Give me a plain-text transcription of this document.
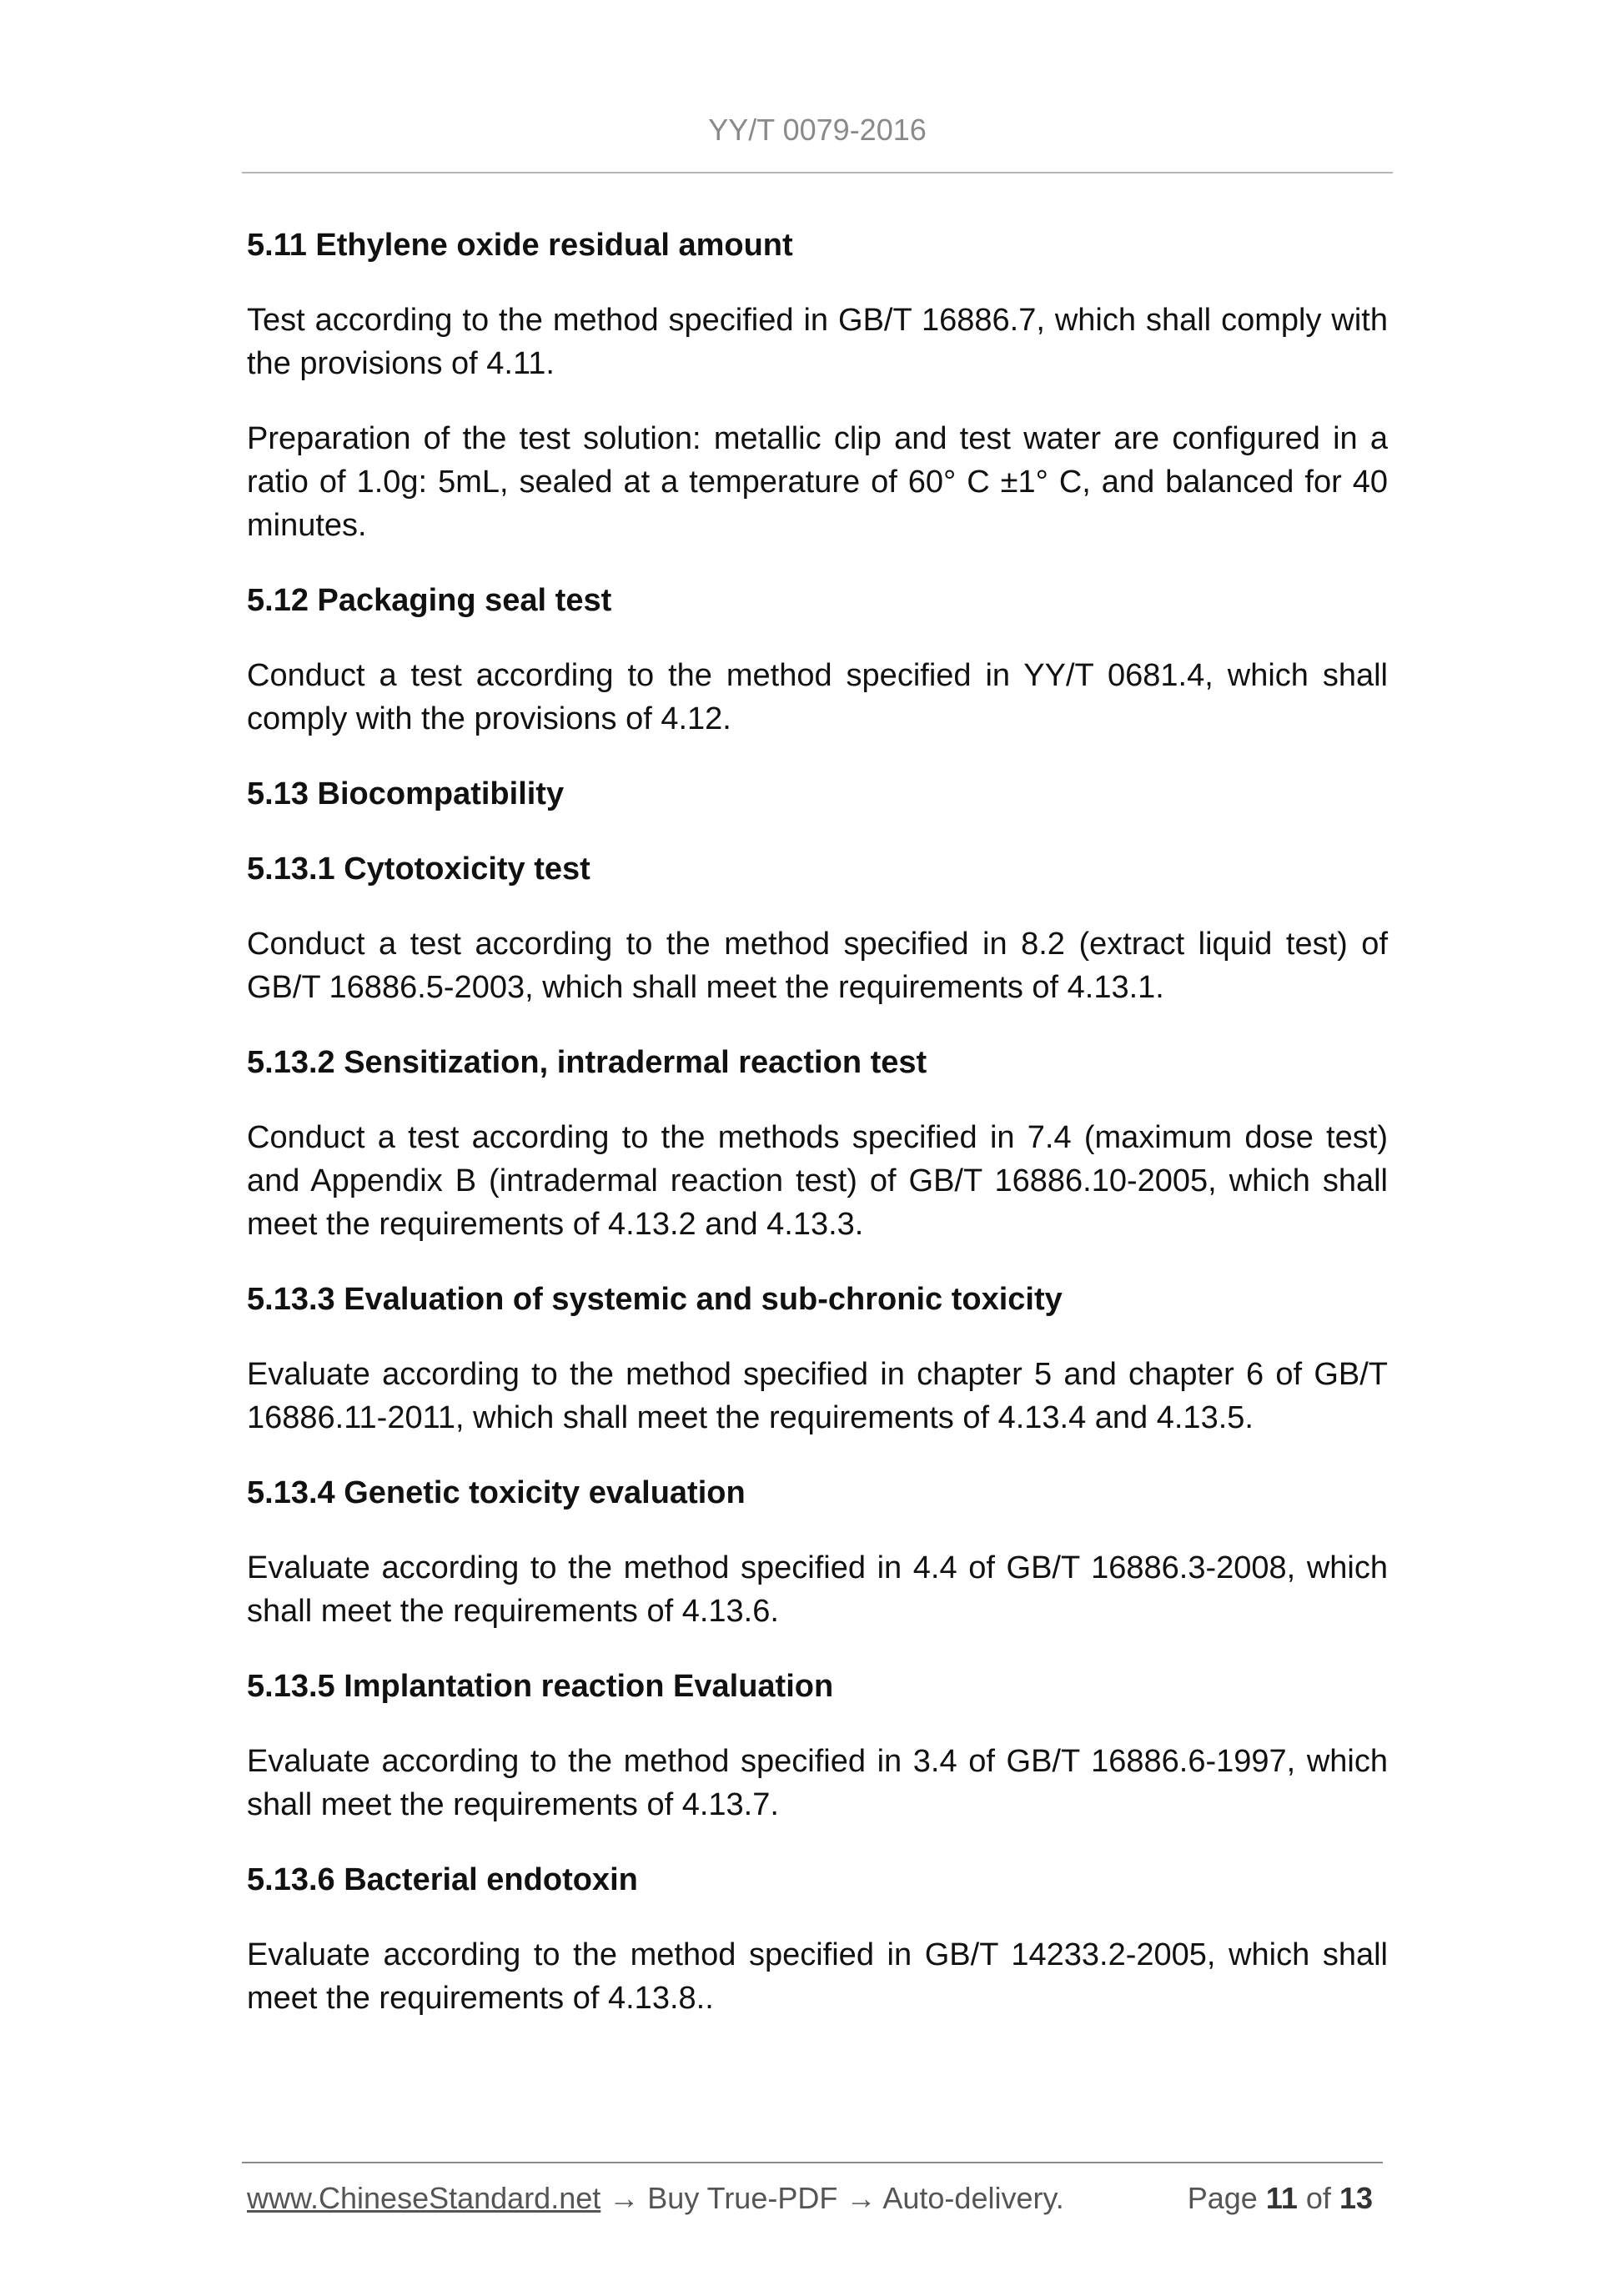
YY/T 0079-2016
5.11 Ethylene oxide residual amount
Test according to the method specified in GB/T 16886.7, which shall comply with the provisions of 4.11.
Preparation of the test solution: metallic clip and test water are configured in a ratio of 1.0g: 5mL, sealed at a temperature of 60° C ±1° C, and balanced for 40 minutes.
5.12 Packaging seal test
Conduct a test according to the method specified in YY/T 0681.4, which shall comply with the provisions of 4.12.
5.13 Biocompatibility
5.13.1 Cytotoxicity test
Conduct a test according to the method specified in 8.2 (extract liquid test) of GB/T 16886.5-2003, which shall meet the requirements of 4.13.1.
5.13.2 Sensitization, intradermal reaction test
Conduct a test according to the methods specified in 7.4 (maximum dose test) and Appendix B (intradermal reaction test) of GB/T 16886.10-2005, which shall meet the requirements of 4.13.2 and 4.13.3.
5.13.3 Evaluation of systemic and sub-chronic toxicity
Evaluate according to the method specified in chapter 5 and chapter 6 of GB/T 16886.11-2011, which shall meet the requirements of 4.13.4 and 4.13.5.
5.13.4 Genetic toxicity evaluation
Evaluate according to the method specified in 4.4 of GB/T 16886.3-2008, which shall meet the requirements of 4.13.6.
5.13.5 Implantation reaction Evaluation
Evaluate according to the method specified in 3.4 of GB/T 16886.6-1997, which shall meet the requirements of 4.13.7.
5.13.6 Bacterial endotoxin
Evaluate according to the method specified in GB/T 14233.2-2005, which shall meet the requirements of 4.13.8..
www.ChineseStandard.net → Buy True-PDF → Auto-delivery.	Page 11 of 13
